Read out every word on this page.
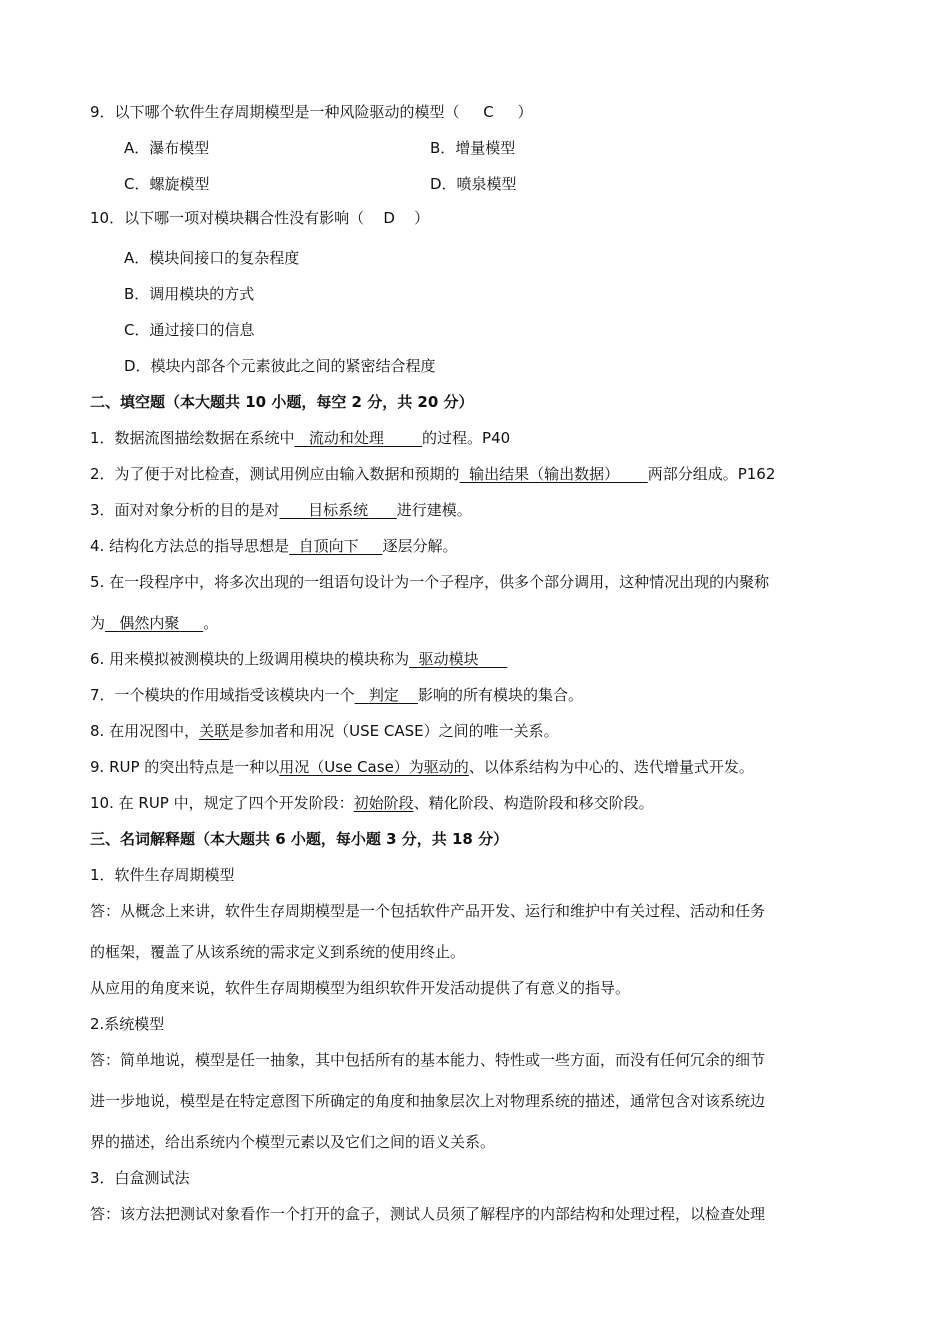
9．以下哪个软件生存周期模型是一种风险驱动的模型（ C ）
A．瀑布模型	B．增量模型
C．螺旋模型	D．喷泉模型
10．以下哪一项对模块耦合性没有影响（ D ）
A．模块间接口的复杂程度
B．调用模块的方式
C．通过接口的信息
D．模块内部各个元素彼此之间的紧密结合程度
二、填空题（本大题共 10 小题，每空 2 分，共 20 分）
1．数据流图描绘数据在系统中 流动和处理	的过程。P40
2．为了便于对比检查，测试用例应由输入数据和预期的 输出结果（输出数据） 两部分组成。P162
3．面对对象分析的目的是对 目标系统 进行建模。
4. 结构化方法总的指导思想是 自顶向下 逐层分解。
5. 在一段程序中，将多次出现的一组语句设计为一个子程序，供多个部分调用，这种情况出现的内聚称
为 偶然内聚 。
6. 用来模拟被测模块的上级调用模块的模块称为 驱动模块
7．一个模块的作用域指受该模块内一个 判定 影响的所有模块的集合。
8. 在用况图中，关联是参加者和用况（USE CASE）之间的唯一关系。
9. RUP 的突出特点是一种以用况（Use Case）为驱动的、以体系结构为中心的、迭代增量式开发。
10. 在 RUP 中，规定了四个开发阶段：初始阶段、精化阶段、构造阶段和移交阶段。
三、名词解释题（本大题共 6 小题，每小题 3 分，共 18 分）
1．软件生存周期模型
答：从概念上来讲，软件生存周期模型是一个包括软件产品开发、运行和维护中有关过程、活动和任务
的框架，覆盖了从该系统的需求定义到系统的使用终止。
从应用的角度来说，软件生存周期模型为组织软件开发活动提供了有意义的指导。
2.系统模型
答：简单地说，模型是任一抽象，其中包括所有的基本能力、特性或一些方面，而没有任何冗余的细节
进一步地说，模型是在特定意图下所确定的角度和抽象层次上对物理系统的描述，通常包含对该系统边
界的描述，给出系统内个模型元素以及它们之间的语义关系。
3．白盒测试法
答：该方法把测试对象看作一个打开的盒子，测试人员须了解程序的内部结构和处理过程，以检查处理
